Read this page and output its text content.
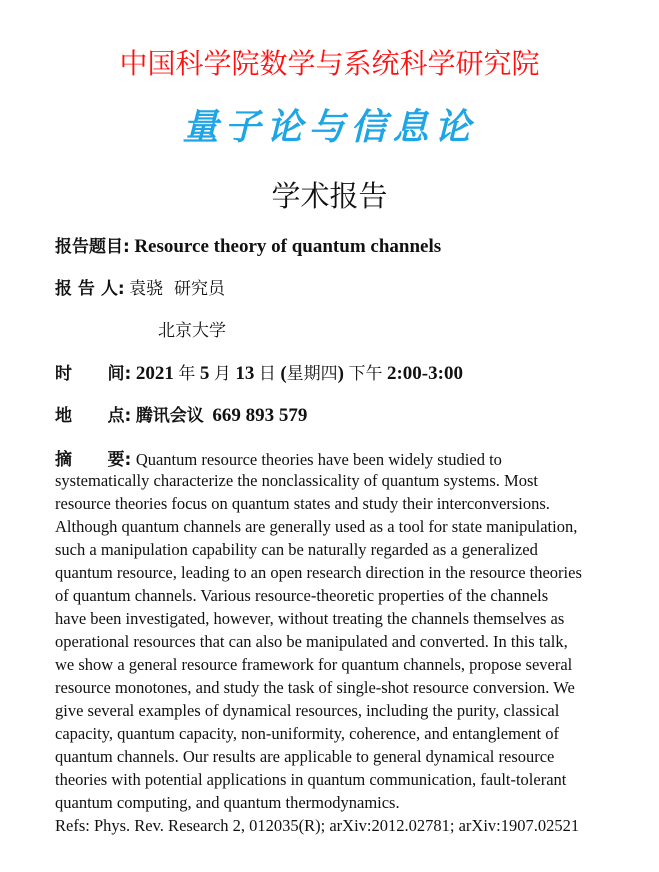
中国科学院数学与系统科学研究院
量子论与信息论
学术报告
报告题目: Resource theory of quantum channels
报 告 人: 袁骁  研究员
北京大学
时      间: 2021 年 5 月 13 日 (星期四) 下午 2:00-3:00
地      点: 腾讯会议 669 893 579
摘      要: Quantum resource theories have been widely studied to
systematically characterize the nonclassicality of quantum systems. Most
resource theories focus on quantum states and study their interconversions.
Although quantum channels are generally used as a tool for state manipulation,
such a manipulation capability can be naturally regarded as a generalized
quantum resource, leading to an open research direction in the resource theories
of quantum channels. Various resource-theoretic properties of the channels
have been investigated, however, without treating the channels themselves as
operational resources that can also be manipulated and converted. In this talk,
we show a general resource framework for quantum channels, propose several
resource monotones, and study the task of single-shot resource conversion. We
give several examples of dynamical resources, including the purity, classical
capacity, quantum capacity, non-uniformity, coherence, and entanglement of
quantum channels. Our results are applicable to general dynamical resource
theories with potential applications in quantum communication, fault-tolerant
quantum computing, and quantum thermodynamics.
Refs: Phys. Rev. Research 2, 012035(R); arXiv:2012.02781; arXiv:1907.02521
